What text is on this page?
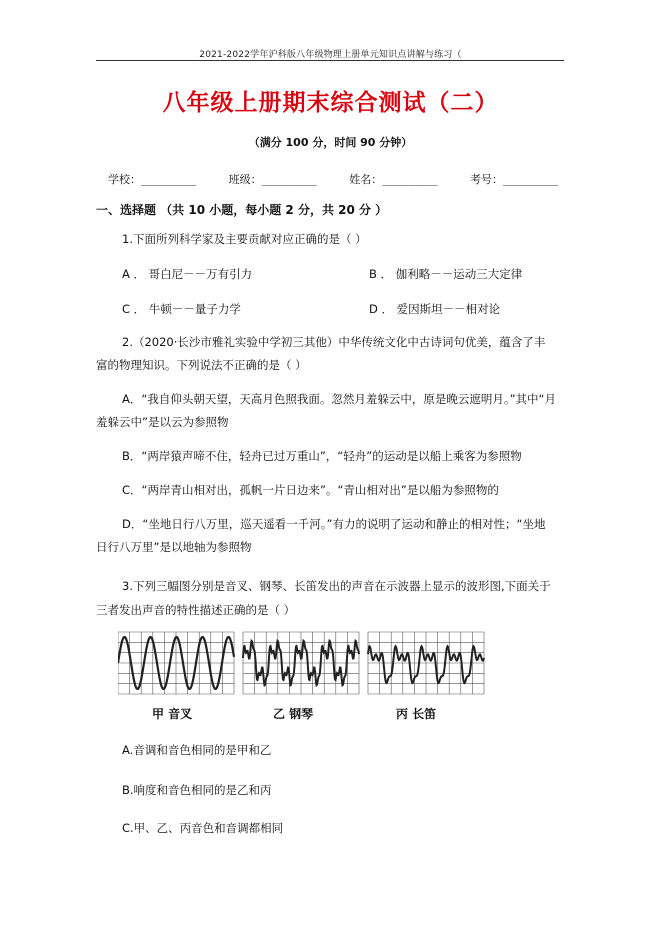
2021-2022学年沪科版八年级物理上册单元知识点讲解与练习（
八年级上册期末综合测试（二）
（满分 100 分，时间 90 分钟）
学校：__________	班级：__________	姓名：__________	考号：__________
一、选择题 （共 10 小题，每小题 2 分，共 20 分 ）
1.下面所列科学家及主要贡献对应正确的是（ ）
A ． 哥白尼－－万有引力	B ． 伽利略－－运动三大定律
C ． 牛顿－－量子力学	D ． 爱因斯坦－－相对论
2.（2020·长沙市雅礼实验中学初三其他）中华传统文化中古诗词句优美，蕴含了丰
富的物理知识。下列说法不正确的是（ ）
A．“我自仰头朝天望，天高月色照我面。忽然月羞躲云中，原是晚云遮明月。”其中“月
羞躲云中”是以云为参照物
B．“两岸猿声啼不住，轻舟已过万重山”，“轻舟”的运动是以船上乘客为参照物
C．“两岸青山相对出，孤帆一片日边来”。“青山相对出”是以船为参照物的
D．“坐地日行八万里，巡天遥看一千河。”有力的说明了运动和静止的相对性；“坐地
日行八万里”是以地轴为参照物
3.下列三幅图分别是音叉、钢琴、长笛发出的声音在示波器上显示的波形图,下面关于
三者发出声音的特性描述正确的是（ ）
甲 音叉	乙 钢琴	丙 长笛
A.音调和音色相同的是甲和乙
B.响度和音色相同的是乙和丙
C.甲、乙、丙音色和音调都相同
